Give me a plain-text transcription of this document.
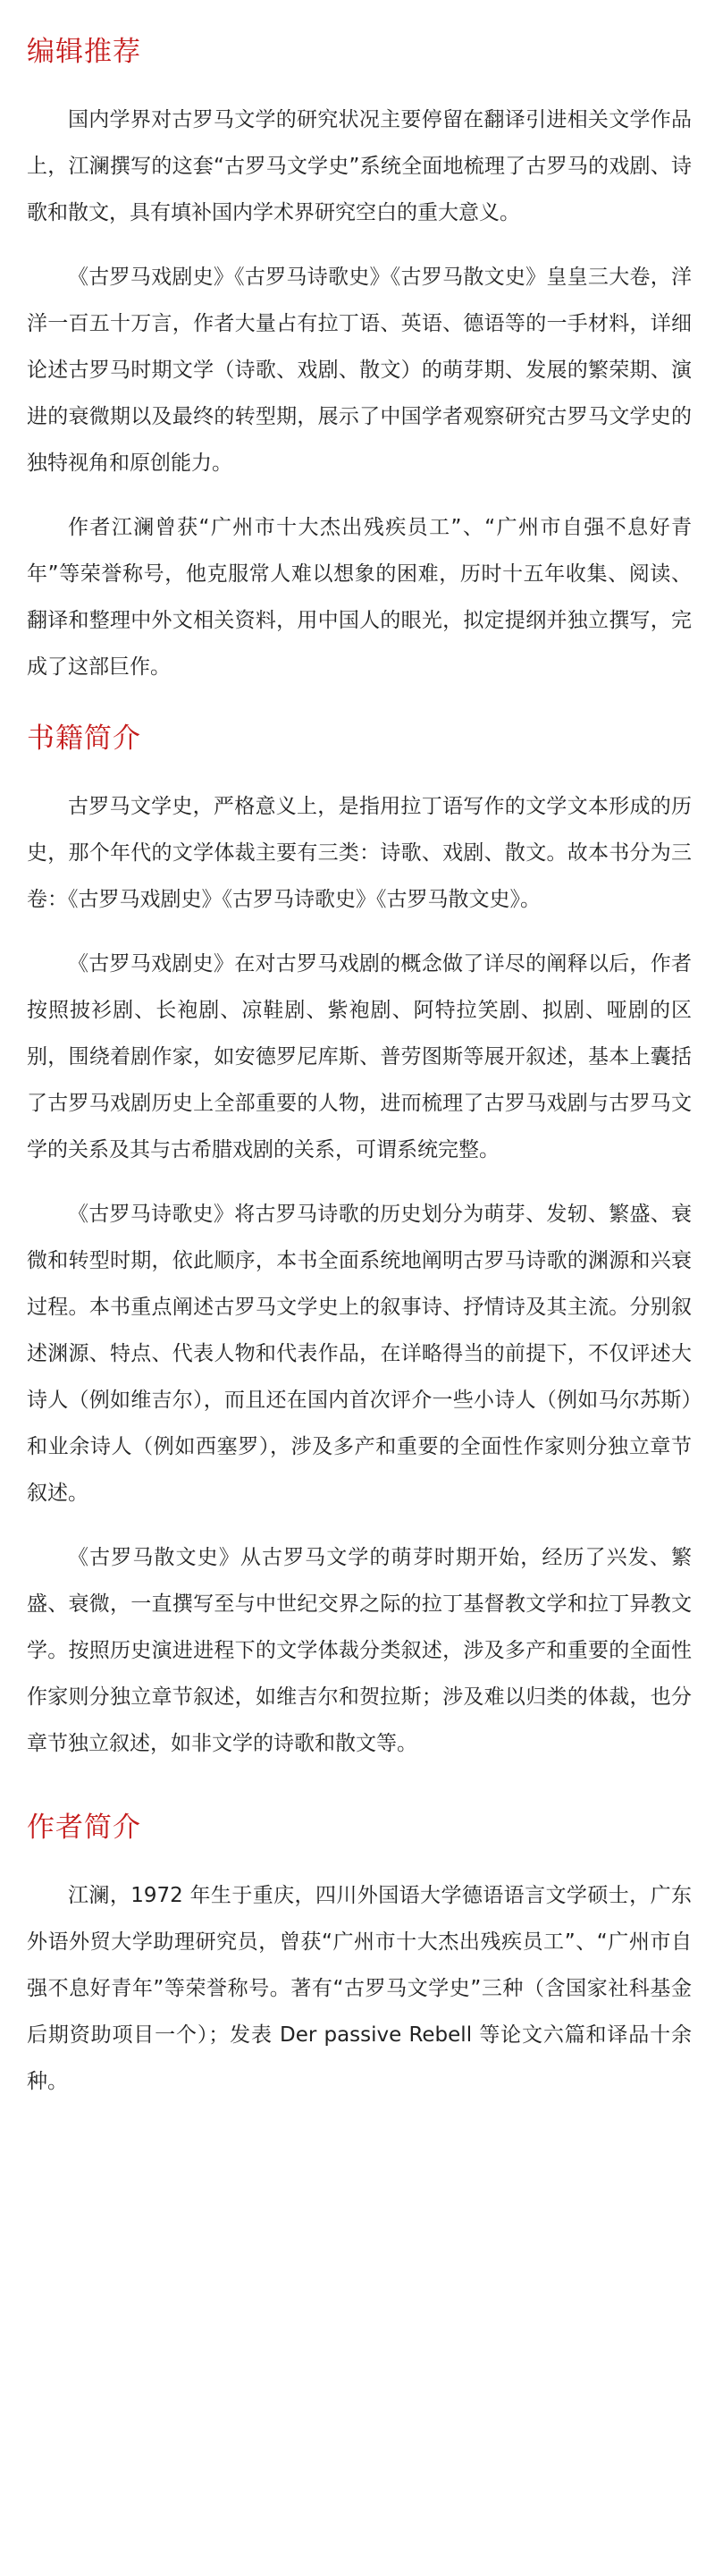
编辑推荐

国内学界对古罗马文学的研究状况主要停留在翻译引进相关文学作品上，江澜撰写的这套“古罗马文学史”系统全面地梳理了古罗马的戏剧、诗歌和散文，具有填补国内学术界研究空白的重大意义。

《古罗马戏剧史》《古罗马诗歌史》《古罗马散文史》皇皇三大卷，洋洋一百五十万言，作者大量占有拉丁语、英语、德语等的一手材料，详细论述古罗马时期文学（诗歌、戏剧、散文）的萌芽期、发展的繁荣期、演进的衰微期以及最终的转型期，展示了中国学者观察研究古罗马文学史的独特视角和原创能力。

作者江澜曾获“广州市十大杰出残疾员工”、“广州市自强不息好青年”等荣誉称号，他克服常人难以想象的困难，历时十五年收集、阅读、翻译和整理中外文相关资料，用中国人的眼光，拟定提纲并独立撰写，完成了这部巨作。

书籍简介

古罗马文学史，严格意义上，是指用拉丁语写作的文学文本形成的历史，那个年代的文学体裁主要有三类：诗歌、戏剧、散文。故本书分为三卷：《古罗马戏剧史》《古罗马诗歌史》《古罗马散文史》。

《古罗马戏剧史》在对古罗马戏剧的概念做了详尽的阐释以后，作者按照披衫剧、长袍剧、凉鞋剧、紫袍剧、阿特拉笑剧、拟剧、哑剧的区别，围绕着剧作家，如安德罗尼库斯、普劳图斯等展开叙述，基本上囊括了古罗马戏剧历史上全部重要的人物，进而梳理了古罗马戏剧与古罗马文学的关系及其与古希腊戏剧的关系，可谓系统完整。

《古罗马诗歌史》将古罗马诗歌的历史划分为萌芽、发轫、繁盛、衰微和转型时期，依此顺序，本书全面系统地阐明古罗马诗歌的渊源和兴衰过程。本书重点阐述古罗马文学史上的叙事诗、抒情诗及其主流。分别叙述渊源、特点、代表人物和代表作品，在详略得当的前提下，不仅评述大诗人（例如维吉尔），而且还在国内首次评介一些小诗人（例如马尔苏斯）和业余诗人（例如西塞罗），涉及多产和重要的全面性作家则分独立章节叙述。

《古罗马散文史》从古罗马文学的萌芽时期开始，经历了兴发、繁盛、衰微，一直撰写至与中世纪交界之际的拉丁基督教文学和拉丁异教文学。按照历史演进进程下的文学体裁分类叙述，涉及多产和重要的全面性作家则分独立章节叙述，如维吉尔和贺拉斯；涉及难以归类的体裁，也分章节独立叙述，如非文学的诗歌和散文等。

作者简介

江澜，1972 年生于重庆，四川外国语大学德语语言文学硕士，广东外语外贸大学助理研究员，曾获“广州市十大杰出残疾员工”、“广州市自强不息好青年”等荣誉称号。著有“古罗马文学史”三种（含国家社科基金后期资助项目一个）；发表 Der passive Rebell 等论文六篇和译品十余种。
